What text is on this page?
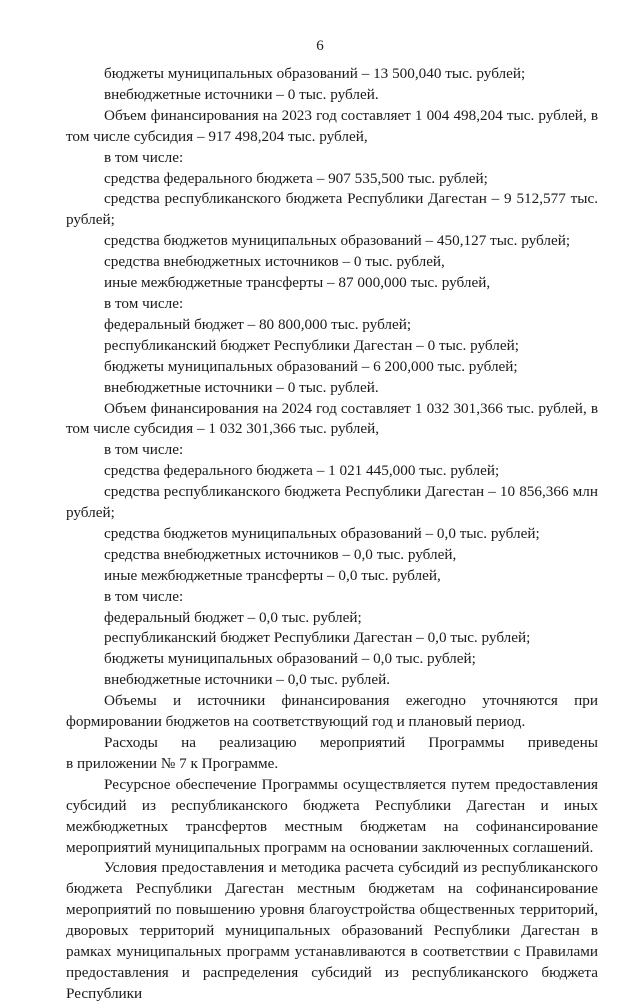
6

бюджеты муниципальных образований – 13 500,040 тыс. рублей;

внебюджетные источники – 0 тыс. рублей.

Объем финансирования на 2023 год составляет 1 004 498,204 тыс. рублей, в том числе субсидия – 917 498,204 тыс. рублей,

в том числе:

средства федерального бюджета – 907 535,500 тыс. рублей;

средства республиканского бюджета Республики Дагестан – 9 512,577 тыс. рублей;

средства бюджетов муниципальных образований – 450,127 тыс. рублей;

средства внебюджетных источников – 0 тыс. рублей,

иные межбюджетные трансферты – 87 000,000 тыс. рублей,

в том числе:

федеральный бюджет – 80 800,000 тыс. рублей;

республиканский бюджет Республики Дагестан – 0 тыс. рублей;

бюджеты муниципальных образований – 6 200,000 тыс. рублей;

внебюджетные источники – 0 тыс. рублей.

Объем финансирования на 2024 год составляет 1 032 301,366 тыс. рублей, в том числе субсидия – 1 032 301,366 тыс. рублей,

в том числе:

средства федерального бюджета – 1 021 445,000 тыс. рублей;

средства республиканского бюджета Республики Дагестан – 10 856,366 млн рублей;

средства бюджетов муниципальных образований – 0,0 тыс. рублей;

средства внебюджетных источников – 0,0 тыс. рублей,

иные межбюджетные трансферты – 0,0 тыс. рублей,

в том числе:

федеральный бюджет – 0,0 тыс. рублей;

республиканский бюджет Республики Дагестан – 0,0 тыс. рублей;

бюджеты муниципальных образований – 0,0 тыс. рублей;

внебюджетные источники – 0,0 тыс. рублей.

Объемы и источники финансирования ежегодно уточняются при формировании бюджетов на соответствующий год и плановый период.

Расходы на реализацию мероприятий Программы приведены

в приложении № 7 к Программе.

Ресурсное обеспечение Программы осуществляется путем предоставления субсидий из республиканского бюджета Республики Дагестан и иных межбюджетных трансфертов местным бюджетам на софинансирование мероприятий муниципальных программ на основании заключенных соглашений.

Условия предоставления и методика расчета субсидий из республиканского бюджета Республики Дагестан местным бюджетам на софинансирование мероприятий по повышению уровня благоустройства общественных территорий, дворовых территорий муниципальных образований Республики Дагестан в рамках муниципальных программ устанавливаются в соответствии с Правилами предоставления и распределения субсидий из республиканского бюджета Республики
